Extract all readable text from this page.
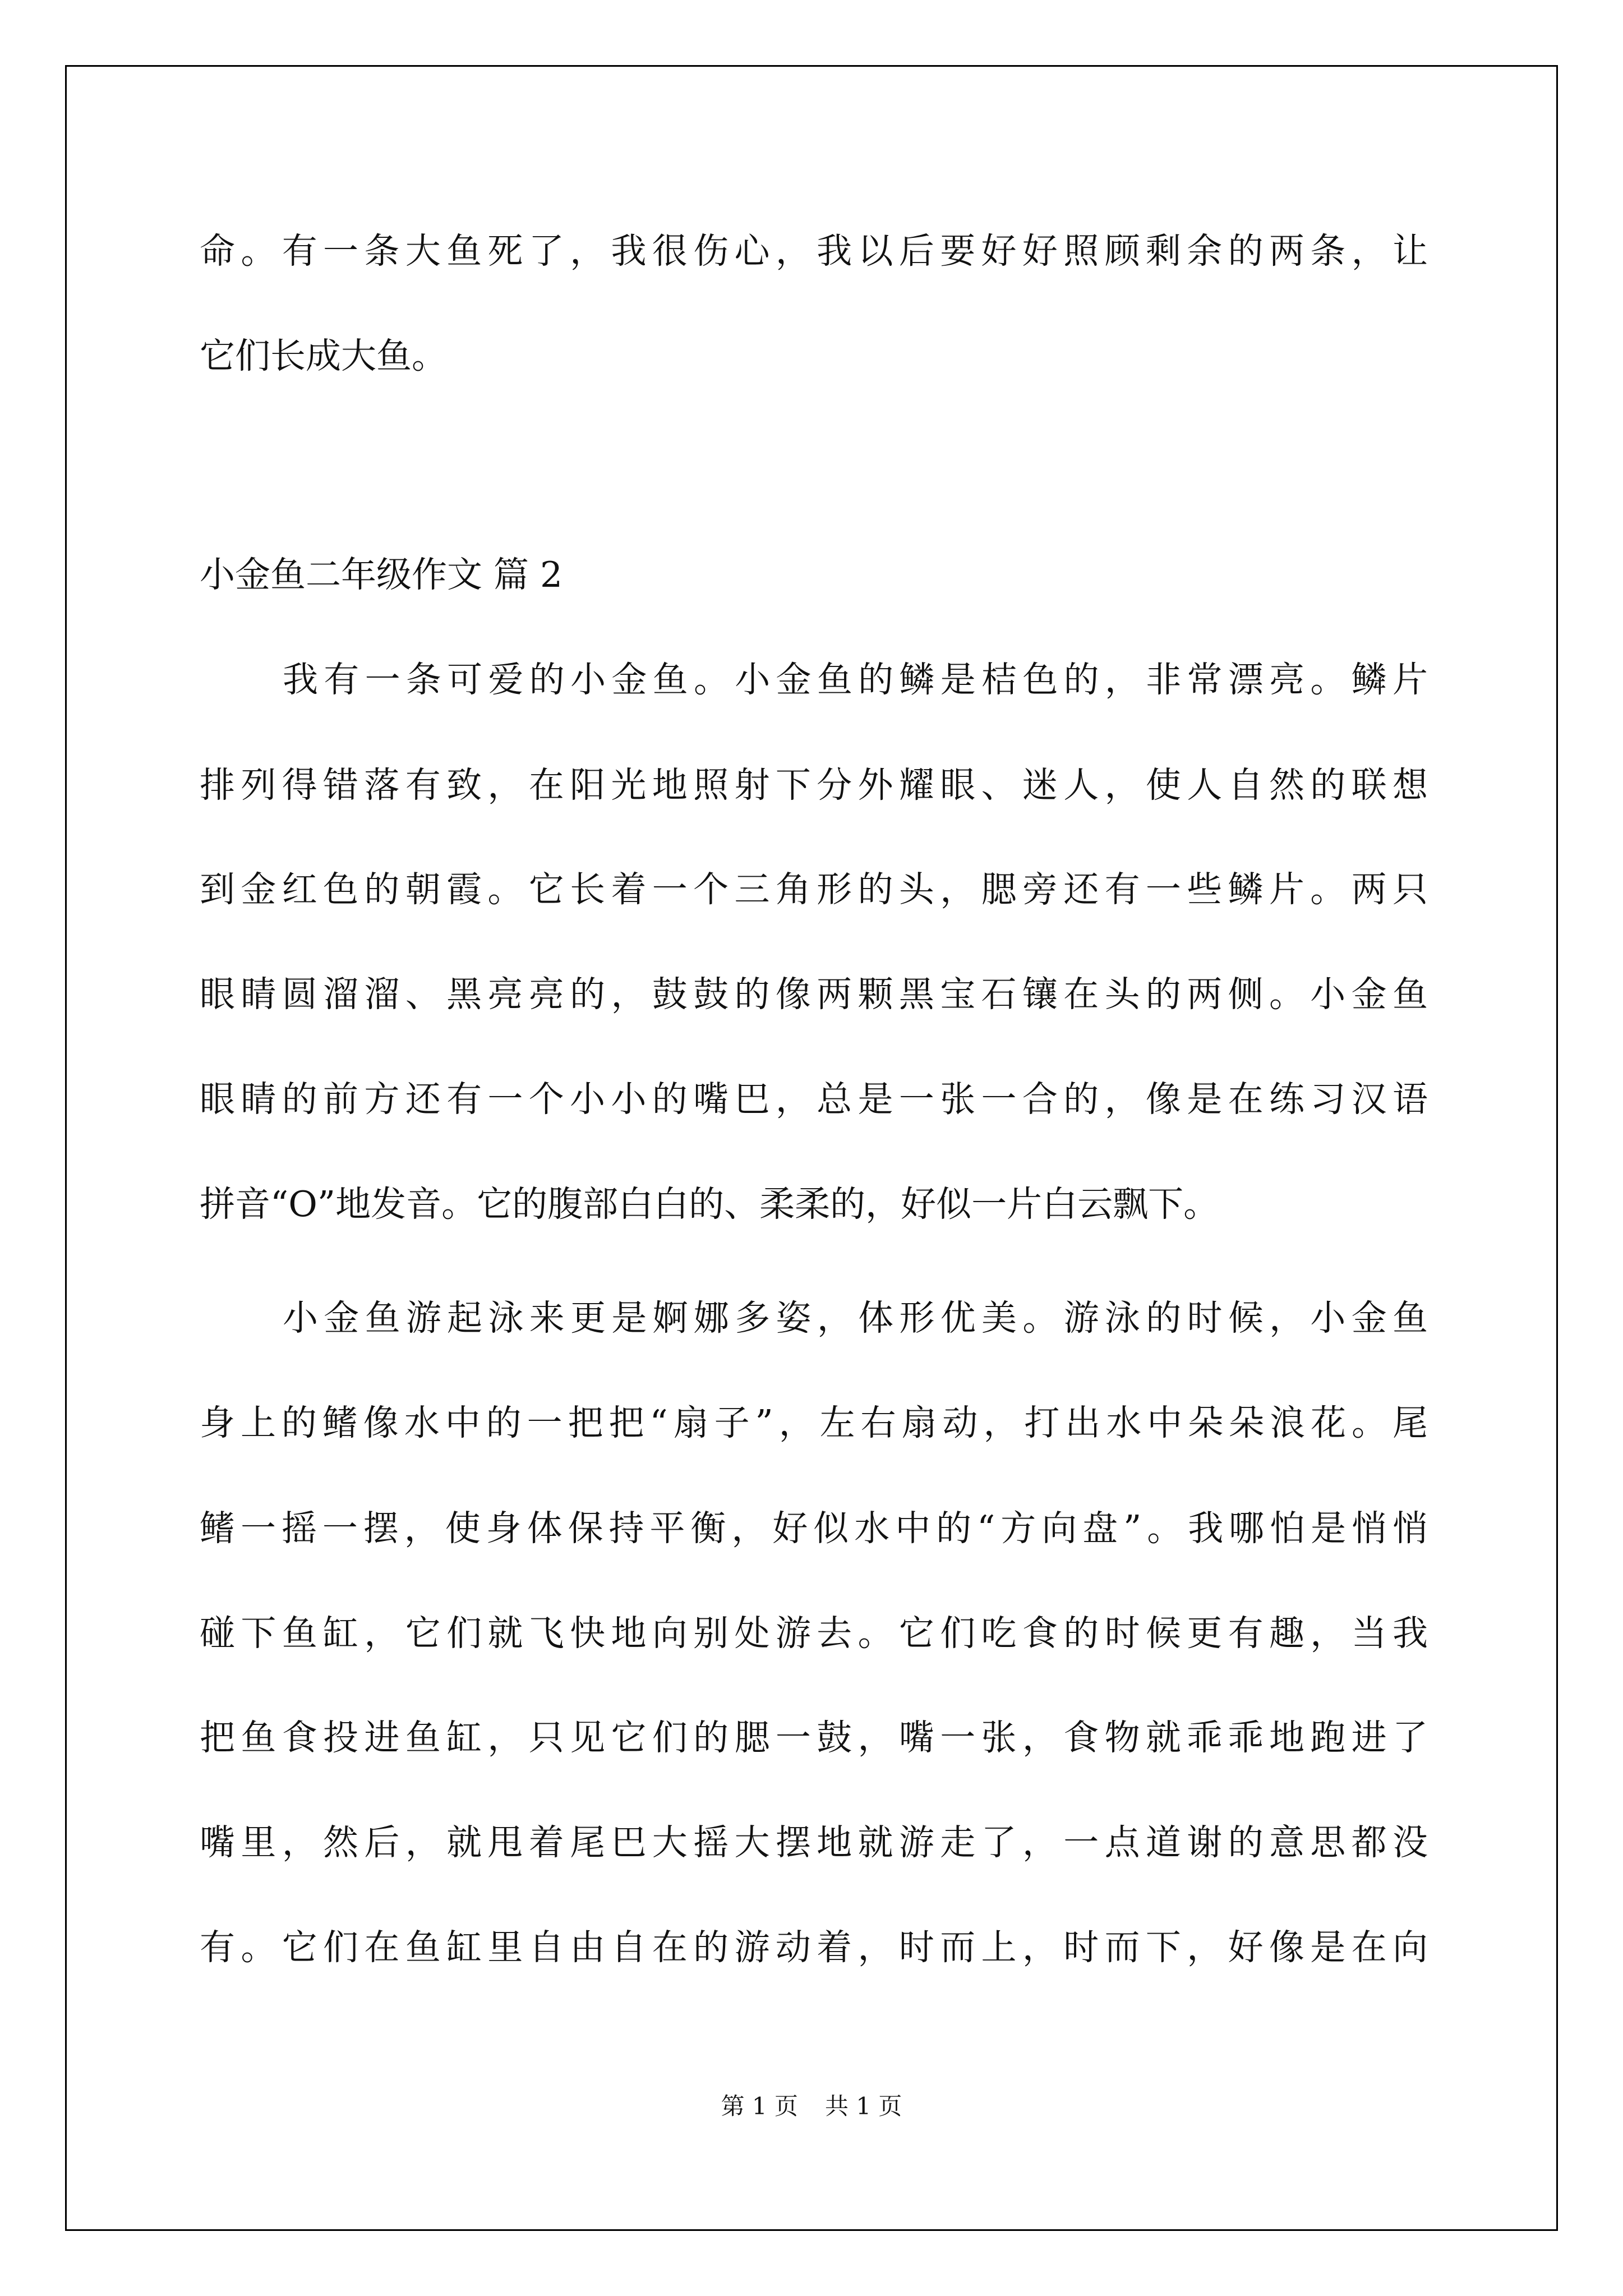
命。有一条大鱼死了，我很伤心，我以后要好好照顾剩余的两条，让
它们长成大鱼。
小金鱼二年级作文 篇 2
我有一条可爱的小金鱼。小金鱼的鳞是桔色的，非常漂亮。鳞片
排列得错落有致，在阳光地照射下分外耀眼、迷人，使人自然的联想
到金红色的朝霞。它长着一个三角形的头，腮旁还有一些鳞片。两只
眼睛圆溜溜、黑亮亮的，鼓鼓的像两颗黑宝石镶在头的两侧。小金鱼
眼睛的前方还有一个小小的嘴巴，总是一张一合的，像是在练习汉语
拼音“O”地发音。它的腹部白白的、柔柔的，好似一片白云飘下。
小金鱼游起泳来更是婀娜多姿，体形优美。游泳的时候，小金鱼
身上的鳍像水中的一把把“扇子”，左右扇动，打出水中朵朵浪花。尾
鳍一摇一摆，使身体保持平衡，好似水中的“方向盘”。我哪怕是悄悄
碰下鱼缸，它们就飞快地向别处游去。它们吃食的时候更有趣，当我
把鱼食投进鱼缸，只见它们的腮一鼓，嘴一张，食物就乖乖地跑进了
嘴里，然后，就甩着尾巴大摇大摆地就游走了，一点道谢的意思都没
有。它们在鱼缸里自由自在的游动着，时而上，时而下，好像是在向
第 1 页 共 1 页
